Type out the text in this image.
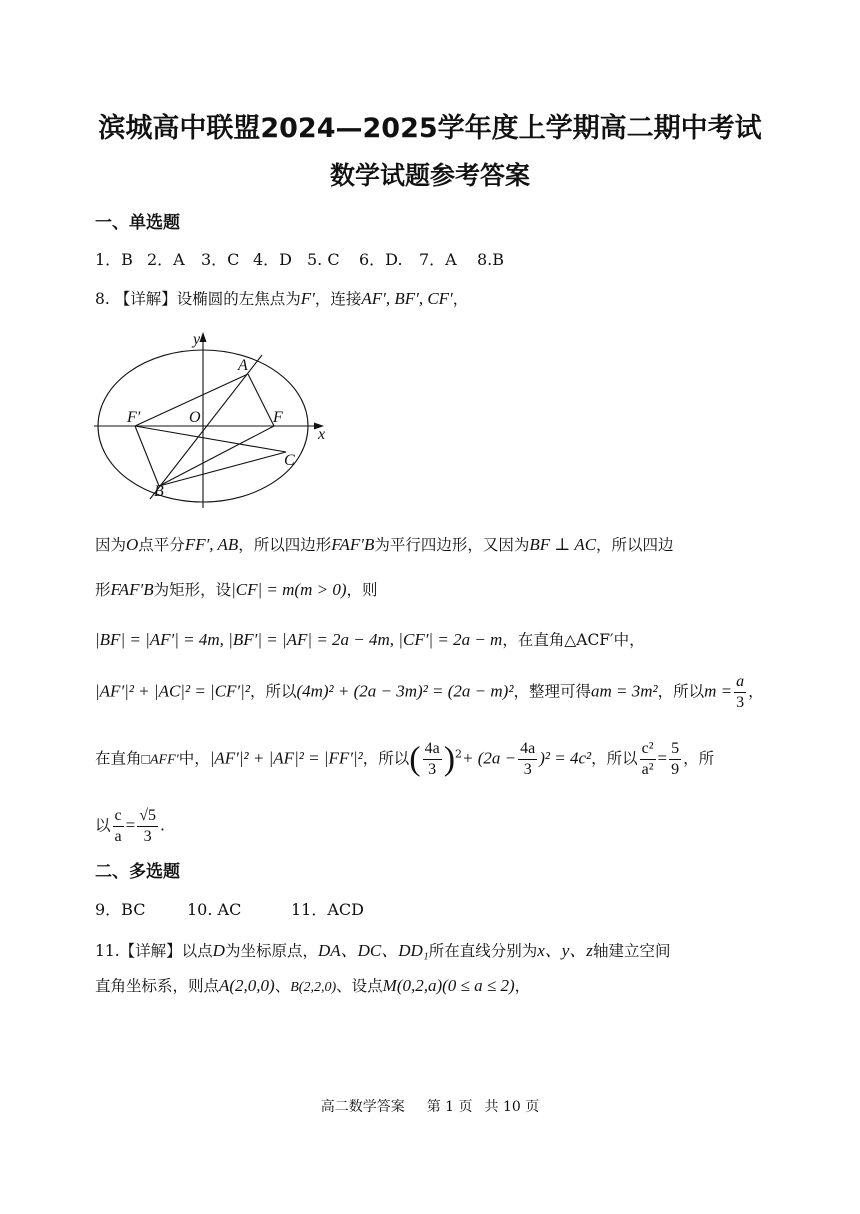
滨城高中联盟2024—2025学年度上学期高二期中考试
数学试题参考答案
一、单选题
1．B 2．A 3．C 4．D 5. C 6．D. 7．A 8.B
8. 【详解】设椭圆的左焦点为F′，连接AF′, BF′, CF′，
y
x
A
F′	O	F
C
B
因为O点平分FF′, AB，所以四边形FAF′B为平行四边形，又因为BF ⊥ AC，所以四边
形FAF′B为矩形，设|CF| = m(m > 0)，则
|BF| = |AF′| = 4m, |BF′| = |AF| = 2a − 4m, |CF′| = 2a − m，在直角△ACF′中，
|AF′|² + |AC|² = |CF′|²，所以(4m)² + (2a − 3m)² = (2a − m)²，整理可得am = 3m²，所以$m = \frac{a}{3}$ ，
在直角□AFF′中，|AF′|² + |AF|² = |FF′|²，所以( $\frac{4a}{3} )^2+ (2a - \frac{4a}{3} )^2 = 4c^2$，所以 $\frac{\text{c²}}{\text{a²}} = \frac{5}{9}$ ，所
以 $\frac{c}{a} = \frac{√5}{3}$ .
二、多选题
9．BC	10. AC	11．ACD
11.【详解】以点D为坐标原点，DA、DC、DD₁所在直线分别为x、y、z轴建立空间
直角坐标系，则点A(2,0,0)、B(2,2,0)、设点M(0,2,a)(0 ≤ a ≤ 2)，
高二数学答案 第 1 页 共 10 页
